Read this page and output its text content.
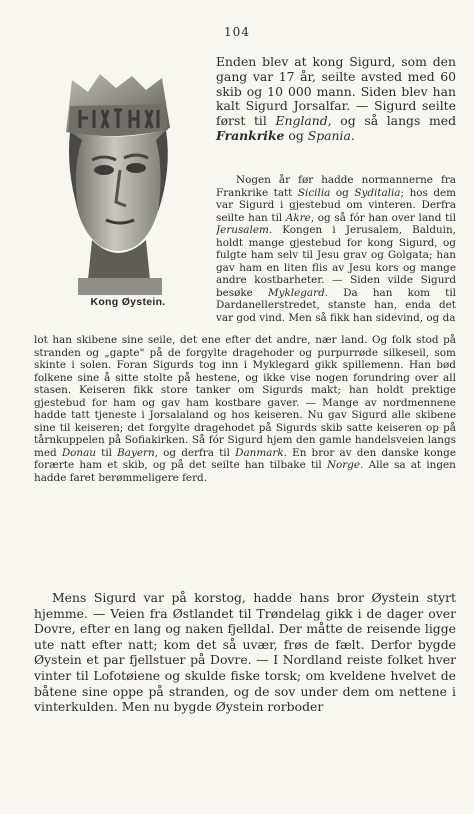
104
Kong Øystein.

Enden blev at kong Sigurd, som den gang var 17 år, seilte avsted med 60 skib og 10 000 mann. Siden blev han kalt Sigurd Jorsalfar. — Sigurd seilte først til England, og så langs med Frankrike og Spania.

Nogen år før hadde normannerne fra Frankrike tatt Sicilia og Syditalia; hos dem var Sigurd i gjestebud om vinteren. Derfra seilte han til Akre, og så fór han over land til Jerusalem. Kongen i Jerusalem, Balduin, holdt mange gjestebud for kong Sigurd, og fulgte ham selv til Jesu grav og Golgata; han gav ham en liten flis av Jesu kors og mange andre kostbarheter. — Siden vilde Sigurd besøke Myklegard. Da han kom til Dardanellerstredet, stanste han, enda det var god vind. Men så fikk han sidevind, og da

Mens Sigurd var på korstog, hadde hans bror Øystein styrt hjemme. — Veien fra Østlandet til Trøndelag gikk i de dager over Dovre, efter en lang og naken fjelldal. Der måtte de reisende ligge ute natt efter natt; kom det så uvær, frøs de fælt. Derfor bygde Øystein et par fjellstuer på Dovre. — I Nordland reiste folket hver vinter til Lofotøiene og skulde fiske torsk; om kveldene hvelvet de båtene sine oppe på stranden, og de sov under dem om nettene i vinterkulden. Men nu bygde Øystein rorboder

lot han skibene sine seile, det ene efter det andre, nær land. Og folk stod på stranden og „gapte" på de forgylte dragehoder og purpurrøde silkeseil, som skinte i solen. Foran Sigurds tog inn i Myklegard gikk spillemenn. Han bød folkene sine å sitte stolte på hestene, og ikke vise nogen forundring over all stasen. Keiseren fikk store tanker om Sigurds makt; han holdt prektige gjestebud for ham og gav ham kostbare gaver. — Mange av nordmennene hadde tatt tjeneste i Jorsalaland og hos keiseren. Nu gav Sigurd alle skibene sine til keiseren; det forgylte dragehodet på Sigurds skib satte keiseren op på tårnkuppelen på Sofiakirken. Så fór Sigurd hjem den gamle handelsveien langs med Donau til Bayern, og derfra til Danmark. En bror av den danske konge forærte ham et skib, og på det seilte han tilbake til Norge. Alle sa at ingen hadde faret berømmeligere ferd.
